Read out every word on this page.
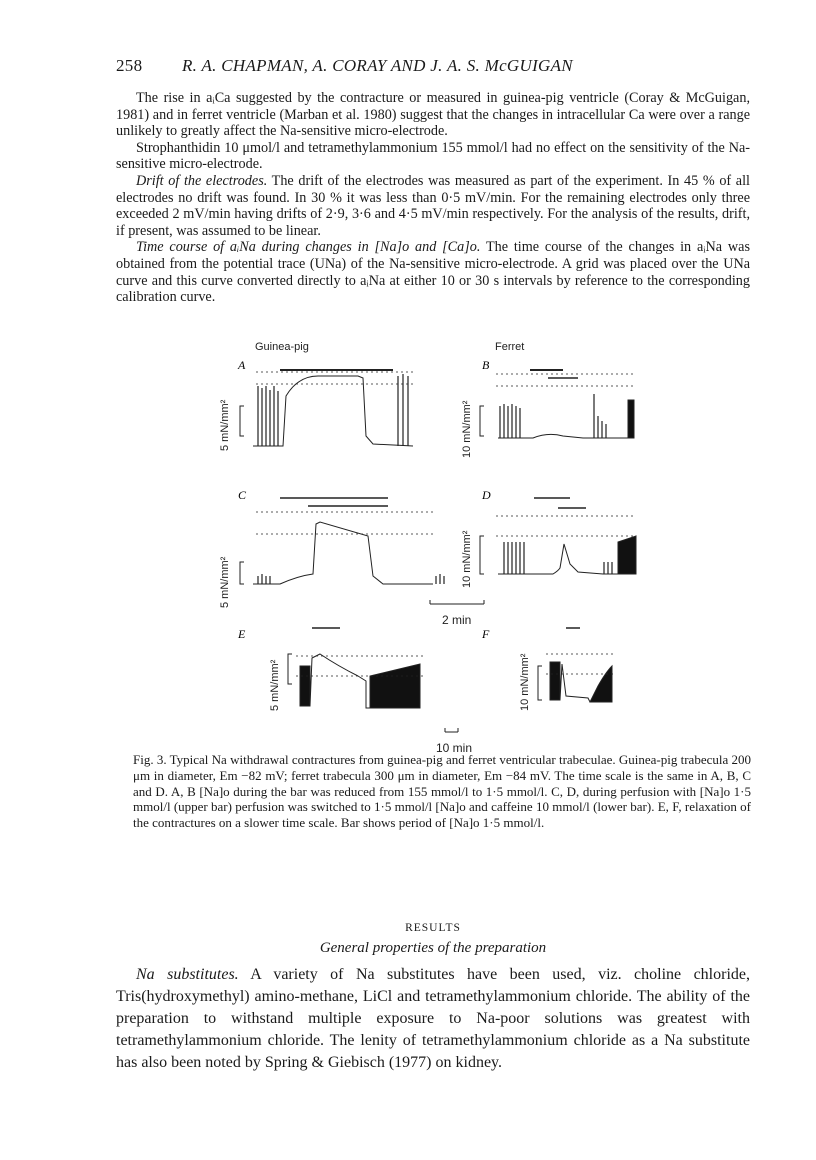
258 R. A. CHAPMAN, A. CORAY AND J. A. S. McGUIGAN

The rise in aᵢCa suggested by the contracture or measured in guinea-pig ventricle (Coray & McGuigan, 1981) and in ferret ventricle (Marban et al. 1980) suggest that the changes in intracellular Ca were over a range unlikely to greatly affect the Na-sensitive micro-electrode.

Strophanthidin 10 μmol/l and tetramethylammonium 155 mmol/l had no effect on the sensitivity of the Na-sensitive micro-electrode.

Drift of the electrodes. The drift of the electrodes was measured as part of the experiment. In 45 % of all electrodes no drift was found. In 30 % it was less than 0·5 mV/min. For the remaining electrodes only three exceeded 2 mV/min having drifts of 2·9, 3·6 and 4·5 mV/min respectively. For the analysis of the results, drift, if present, was assumed to be linear.

Time course of aᵢNa during changes in [Na]o and [Ca]o. The time course of the changes in aᵢNa was obtained from the potential trace (UNa) of the Na-sensitive micro-electrode. A grid was placed over the UNa curve and this curve converted directly to aᵢNa at either 10 or 30 s intervals by reference to the corresponding calibration curve.

Guinea-pig	Ferret
A
5 mN/mm²
B
10 mN/mm²
C
5 mN/mm²
D
10 mN/mm²
2 min
E
5 mN/mm²
F
10 mN/mm²
10 min
Fig. 3. Typical Na withdrawal contractures from guinea-pig and ferret ventricular trabeculae. Guinea-pig trabecula 200 μm in diameter, Em −82 mV; ferret trabecula 300 μm in diameter, Em −84 mV. The time scale is the same in A, B, C and D. A, B [Na]o during the bar was reduced from 155 mmol/l to 1·5 mmol/l. C, D, during perfusion with [Na]o 1·5 mmol/l (upper bar) perfusion was switched to 1·5 mmol/l [Na]o and caffeine 10 mmol/l (lower bar). E, F, relaxation of the contractures on a slower time scale. Bar shows period of [Na]o 1·5 mmol/l.
RESULTS
General properties of the preparation

Na substitutes. A variety of Na substitutes have been used, viz. choline chloride, Tris(hydroxymethyl) amino-methane, LiCl and tetramethylammonium chloride. The ability of the preparation to withstand multiple exposure to Na-poor solutions was greatest with tetramethylammonium chloride. The lenity of tetramethylammonium chloride as a Na substitute has also been noted by Spring & Giebisch (1977) on kidney.
